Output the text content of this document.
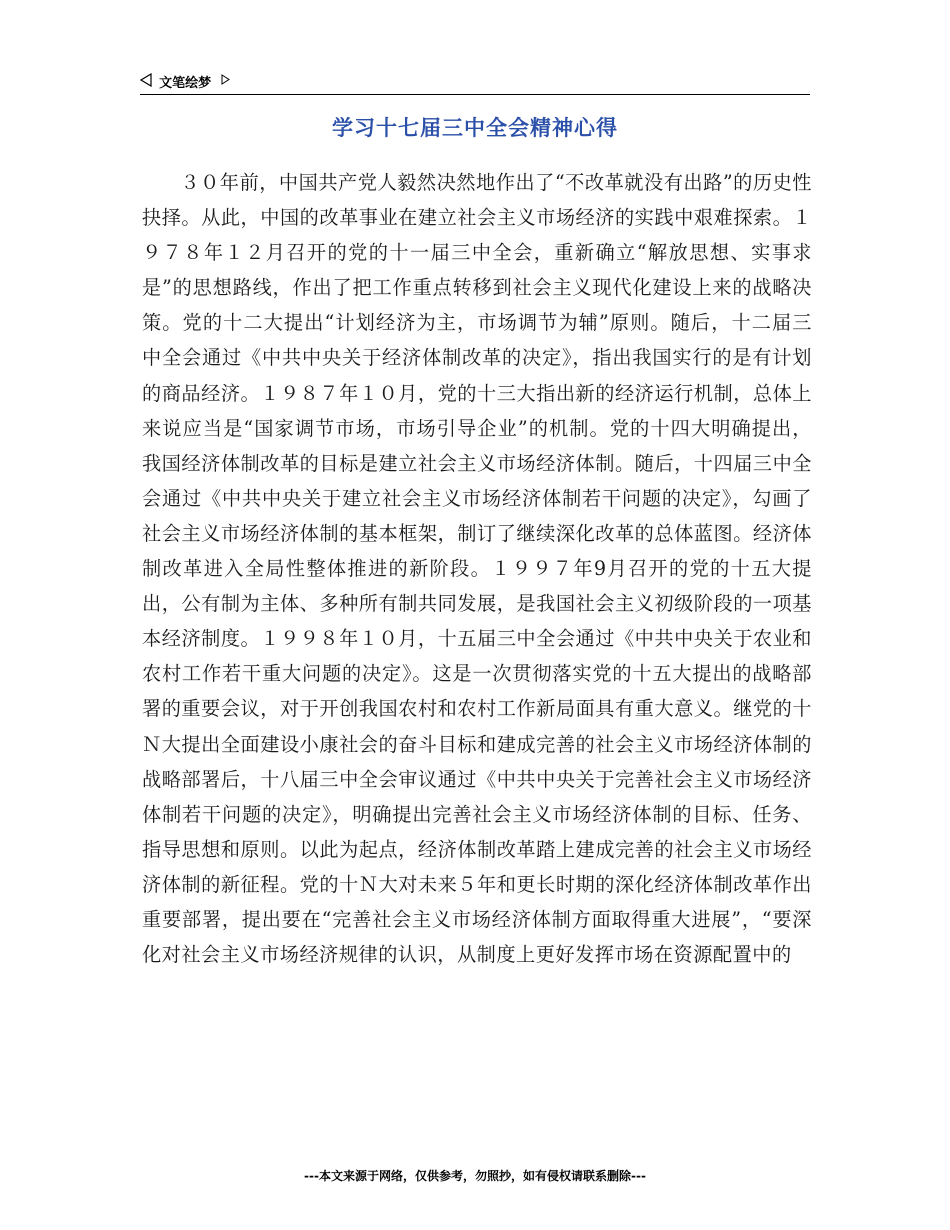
文笔绘梦
学习十七届三中全会精神心得

３０年前，中国共产党人毅然决然地作出了“不改革就没有出路”的历史性抉择。从此，中国的改革事业在建立社会主义市场经济的实践中艰难探索。１９７８年１２月召开的党的十一届三中全会，重新确立“解放思想、实事求是”的思想路线，作出了把工作重点转移到社会主义现代化建设上来的战略决策。党的十二大提出“计划经济为主，市场调节为辅”原则。随后，十二届三中全会通过《中共中央关于经济体制改革的决定》，指出我国实行的是有计划的商品经济。１９８７年１０月，党的十三大指出新的经济运行机制，总体上来说应当是“国家调节市场，市场引导企业”的机制。党的十四大明确提出，我国经济体制改革的目标是建立社会主义市场经济体制。随后，十四届三中全会通过《中共中央关于建立社会主义市场经济体制若干问题的决定》，勾画了社会主义市场经济体制的基本框架，制订了继续深化改革的总体蓝图。经济体制改革进入全局性整体推进的新阶段。１９９７年9月召开的党的十五大提出，公有制为主体、多种所有制共同发展，是我国社会主义初级阶段的一项基本经济制度。１９９８年１０月，十五届三中全会通过《中共中央关于农业和农村工作若干重大问题的决定》。这是一次贯彻落实党的十五大提出的战略部署的重要会议，对于开创我国农村和农村工作新局面具有重大意义。继党的十Ｎ大提出全面建设小康社会的奋斗目标和建成完善的社会主义市场经济体制的战略部署后，十八届三中全会审议通过《中共中央关于完善社会主义市场经济体制若干问题的决定》，明确提出完善社会主义市场经济体制的目标、任务、指导思想和原则。以此为起点，经济体制改革踏上建成完善的社会主义市场经济体制的新征程。党的十Ｎ大对未来５年和更长时期的深化经济体制改革作出重要部署，提出要在“完善社会主义市场经济体制方面取得重大进展”，“要深化对社会主义市场经济规律的认识，从制度上更好发挥市场在资源配置中的

---本文来源于网络，仅供参考，勿照抄，如有侵权请联系删除---
